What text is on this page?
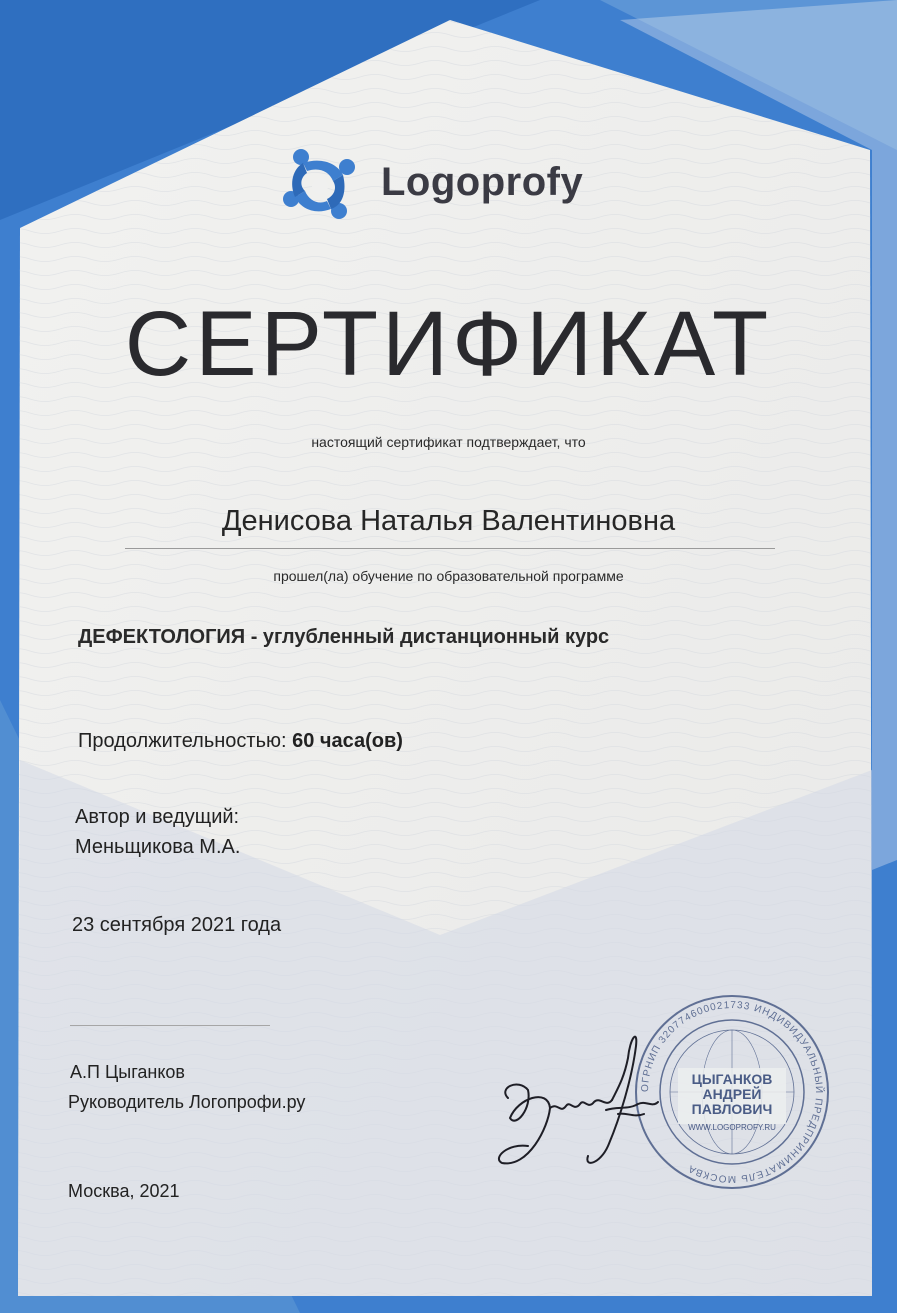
Logoprofy
СЕРТИФИКАТ
настоящий сертификат подтверждает, что
Денисова Наталья Валентиновна
прошел(ла) обучение по образовательной программе
ДЕФЕКТОЛОГИЯ - углубленный дистанционный курс
Продолжительностью: 60 часа(ов)
Автор и ведущий:
Меньщикова М.А.
23 сентября 2021 года
А.П Цыганков
Руководитель Логопрофи.ру
Москва, 2021
ОГРНИП 320774600021733 ИНДИВИДУАЛЬНЫЙ ПРЕДПРИНИМАТЕЛЬ МОСКВА
ЦЫГАНКОВ
АНДРЕЙ
ПАВЛОВИЧ
WWW.LOGOPROFY.RU
